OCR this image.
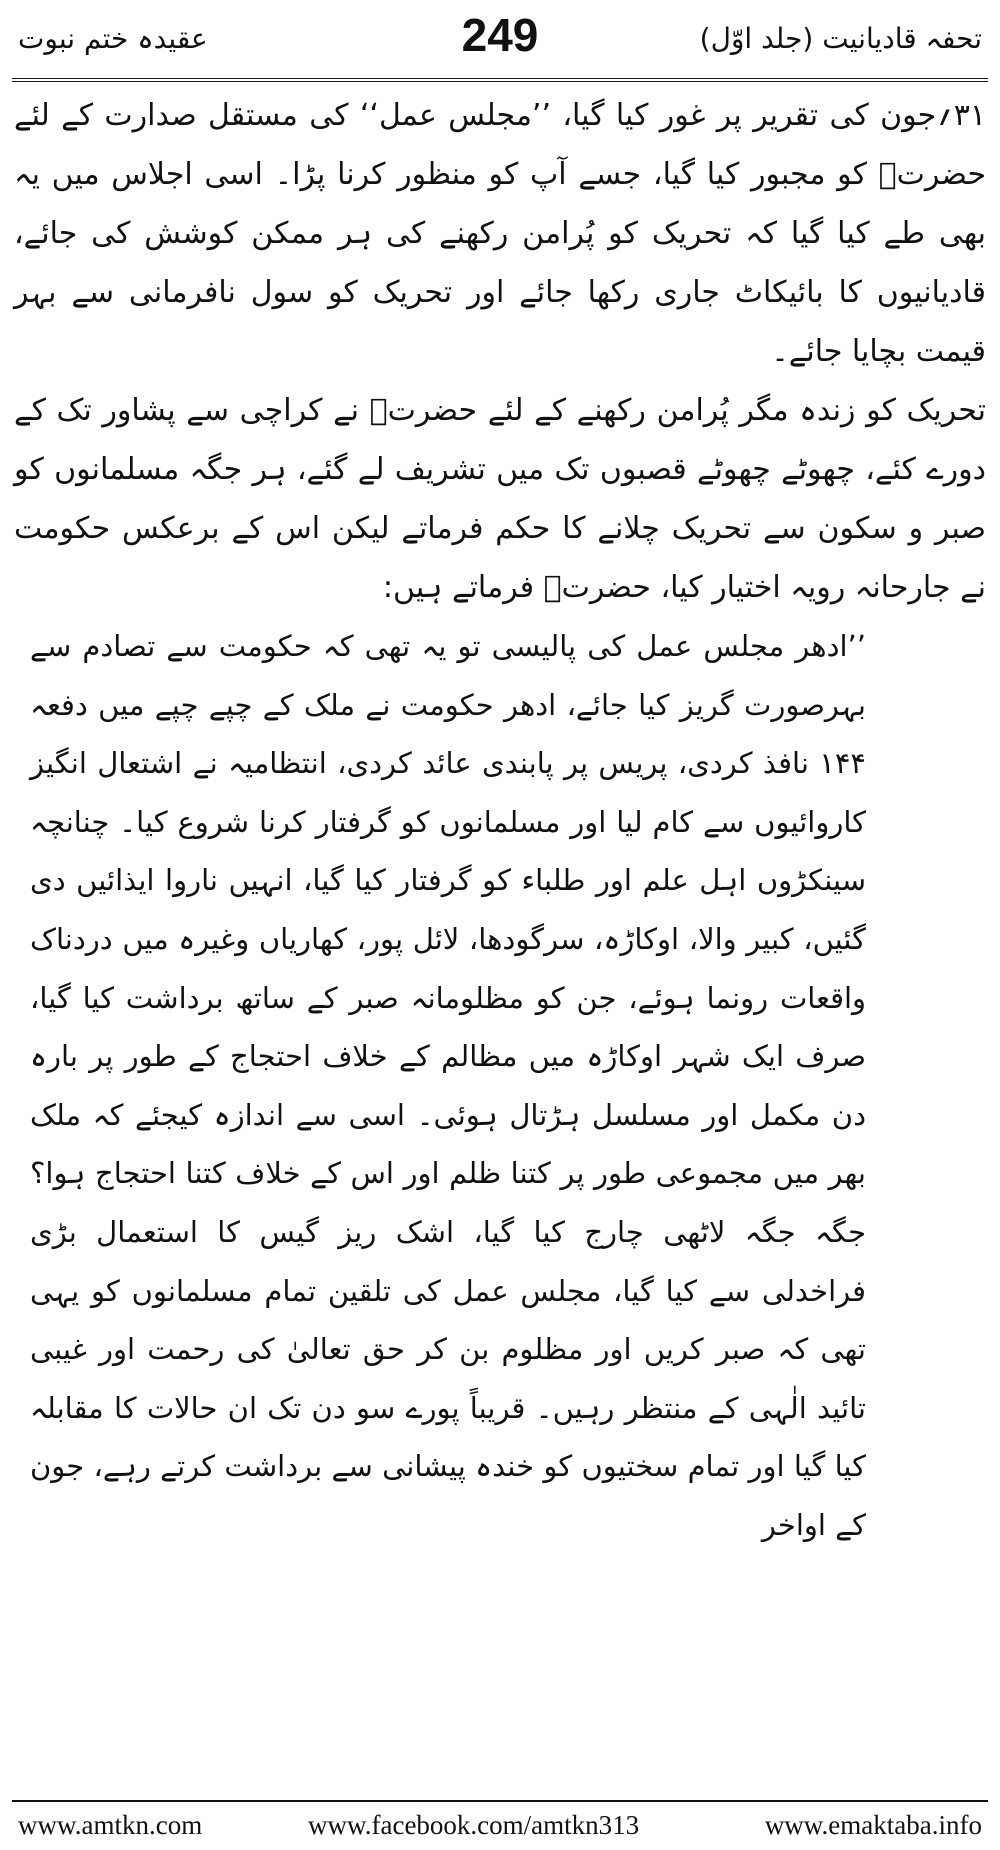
عقیدہ ختم نبوت	249	تحفہ قادیانیت (جلد اوّل)

۳۱؍جون کی تقریر پر غور کیا گیا، ’’مجلس عمل‘‘ کی مستقل صدارت کے لئے حضرتؒ کو مجبور کیا گیا، جسے آپ کو منظور کرنا پڑا۔ اسی اجلاس میں یہ بھی طے کیا گیا کہ تحریک کو پُرامن رکھنے کی ہر ممکن کوشش کی جائے، قادیانیوں کا بائیکاٹ جاری رکھا جائے اور تحریک کو سول نافرمانی سے بہر قیمت بچایا جائے۔

تحریک کو زندہ مگر پُرامن رکھنے کے لئے حضرتؒ نے کراچی سے پشاور تک کے دورے کئے، چھوٹے چھوٹے قصبوں تک میں تشریف لے گئے، ہر جگہ مسلمانوں کو صبر و سکون سے تحریک چلانے کا حکم فرماتے لیکن اس کے برعکس حکومت نے جارحانہ رویہ اختیار کیا، حضرتؒ فرماتے ہیں:

’’ادھر مجلس عمل کی پالیسی تو یہ تھی کہ حکومت سے تصادم سے بہرصورت گریز کیا جائے، ادھر حکومت نے ملک کے چپے چپے میں دفعہ ۱۴۴ نافذ کردی، پریس پر پابندی عائد کردی، انتظامیہ نے اشتعال انگیز کاروائیوں سے کام لیا اور مسلمانوں کو گرفتار کرنا شروع کیا۔ چنانچہ سینکڑوں اہل علم اور طلباء کو گرفتار کیا گیا، انہیں ناروا ایذائیں دی گئیں، کبیر والا، اوکاڑہ، سرگودھا، لائل پور، کھاریاں وغیرہ میں دردناک واقعات رونما ہوئے، جن کو مظلومانہ صبر کے ساتھ برداشت کیا گیا، صرف ایک شہر اوکاڑہ میں مظالم کے خلاف احتجاج کے طور پر بارہ دن مکمل اور مسلسل ہڑتال ہوئی۔ اسی سے اندازہ کیجئے کہ ملک بھر میں مجموعی طور پر کتنا ظلم اور اس کے خلاف کتنا احتجاج ہوا؟ جگہ جگہ لاٹھی چارج کیا گیا، اشک ریز گیس کا استعمال بڑی فراخدلی سے کیا گیا، مجلس عمل کی تلقین تمام مسلمانوں کو یہی تھی کہ صبر کریں اور مظلوم بن کر حق تعالیٰ کی رحمت اور غیبی تائید الٰہی کے منتظر رہیں۔ قریباً پورے سو دن تک ان حالات کا مقابلہ کیا گیا اور تمام سختیوں کو خندہ پیشانی سے برداشت کرتے رہے، جون کے اواخر

www.amtkn.com	www.facebook.com/amtkn313	www.emaktaba.info
